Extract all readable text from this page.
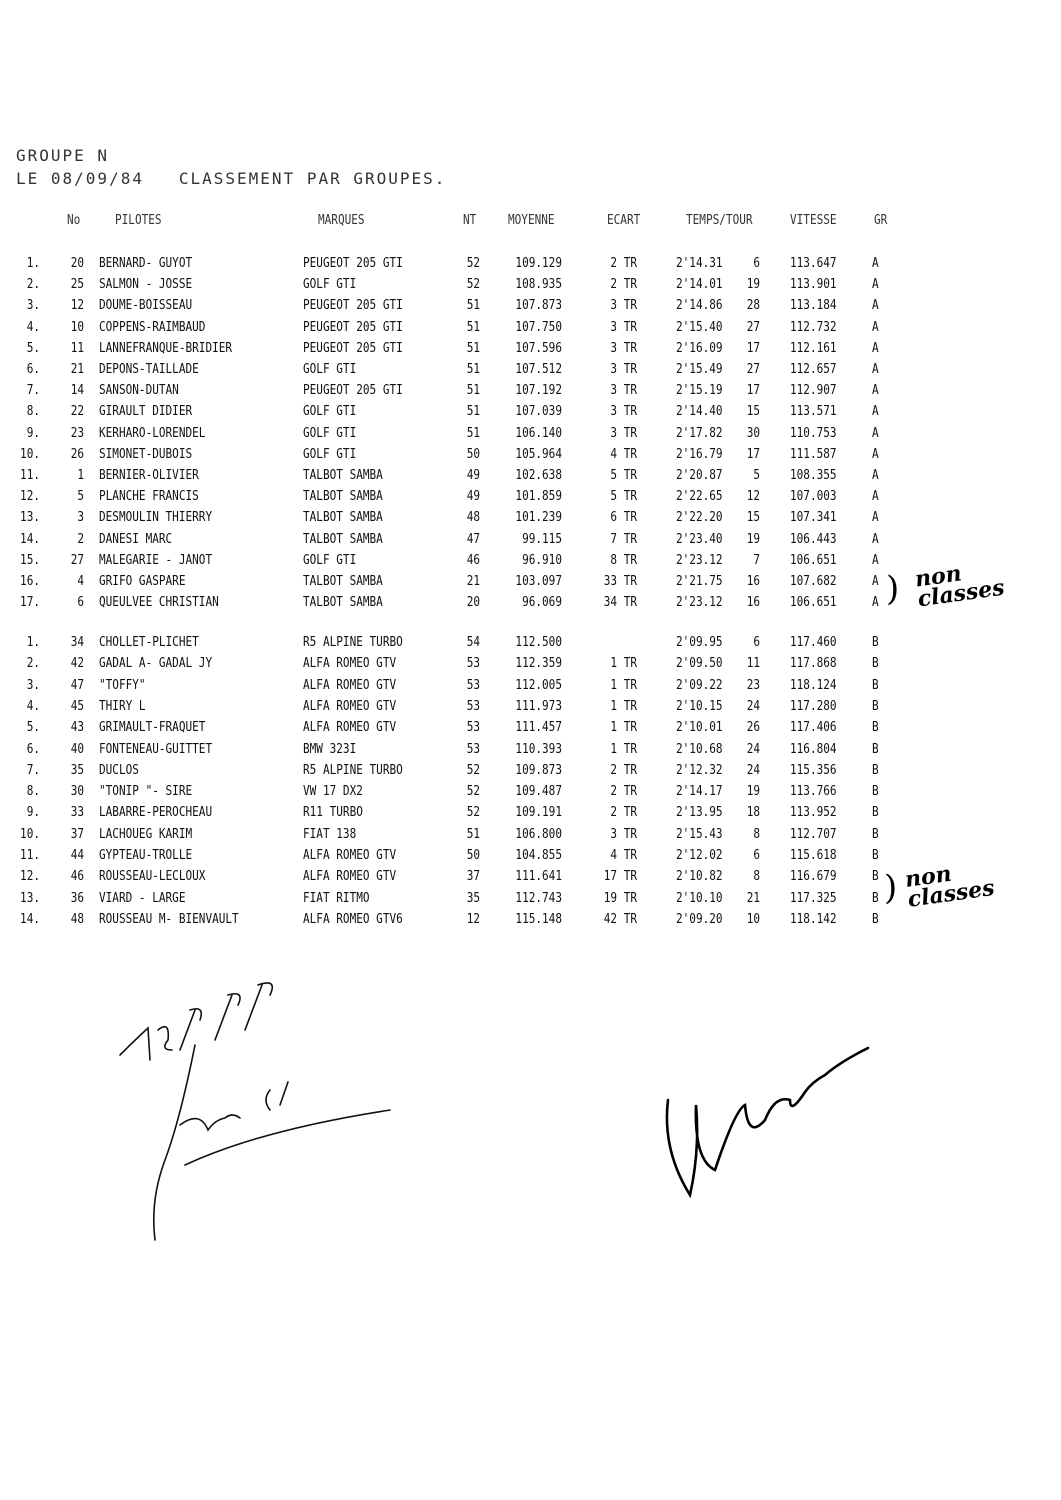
GROUPE N
LE 08/09/84   CLASSEMENT PAR GROUPES.
No	PILOTES	MARQUES	NT MOYENNE	ECART	TEMPS/TOUR	VITESSE	GR
1.	20 BERNARD- GUYOT	PEUGEOT 205 GTI	52	109.129	2 TR	2'14.31	6 113.647	A
2.	25 SALMON - JOSSE	GOLF GTI	52	108.935	2 TR	2'14.01	19 113.901	A
3.	12 DOUME-BOISSEAU	PEUGEOT 205 GTI	51	107.873	3 TR	2'14.86	28 113.184	A
4.	10 COPPENS-RAIMBAUD	PEUGEOT 205 GTI	51	107.750	3 TR	2'15.40	27 112.732	A
5.	11 LANNEFRANQUE-BRIDIER	PEUGEOT 205 GTI	51	107.596	3 TR	2'16.09	17 112.161	A
6.	21 DEPONS-TAILLADE	GOLF GTI	51	107.512	3 TR	2'15.49	27 112.657	A
7.	14 SANSON-DUTAN	PEUGEOT 205 GTI	51	107.192	3 TR	2'15.19	17 112.907	A
8.	22 GIRAULT DIDIER	GOLF GTI	51	107.039	3 TR	2'14.40	15 113.571	A
9.	23 KERHARO-LORENDEL	GOLF GTI	51	106.140	3 TR	2'17.82	30 110.753	A
10.	26 SIMONET-DUBOIS	GOLF GTI	50	105.964	4 TR	2'16.79	17 111.587	A
11.	1 BERNIER-OLIVIER	TALBOT SAMBA	49	102.638	5 TR	2'20.87	5 108.355	A
12.	5 PLANCHE FRANCIS	TALBOT SAMBA	49	101.859	5 TR	2'22.65	12 107.003	A
13.	3 DESMOULIN THIERRY	TALBOT SAMBA	48	101.239	6 TR	2'22.20	15 107.341	A
14.	2 DANESI MARC	TALBOT SAMBA	47	99.115	7 TR	2'23.40	19 106.443	A
15.	27 MALEGARIE - JANOT	GOLF GTI	46	96.910	8 TR	2'23.12	7 106.651	A
16.	4 GRIFO GASPARE	TALBOT SAMBA	21	103.097	33 TR	2'21.75	16 107.682	A
17.	6 QUEULVEE CHRISTIAN	TALBOT SAMBA	20	96.069	34 TR	2'23.12	16 106.651	A
1.	34 CHOLLET-PLICHET	R5 ALPINE TURBO	54	112.500	2'09.95	6 117.460	B
2.	42 GADAL A- GADAL JY	ALFA ROMEO GTV	53	112.359	1 TR	2'09.50	11 117.868	B
3.	47 "TOFFY"	ALFA ROMEO GTV	53	112.005	1 TR	2'09.22	23 118.124	B
4.	45 THIRY L	ALFA ROMEO GTV	53	111.973	1 TR	2'10.15	24 117.280	B
5.	43 GRIMAULT-FRAQUET	ALFA ROMEO GTV	53	111.457	1 TR	2'10.01	26 117.406	B
6.	40 FONTENEAU-GUITTET	BMW 323I	53	110.393	1 TR	2'10.68	24 116.804	B
7.	35 DUCLOS	R5 ALPINE TURBO	52	109.873	2 TR	2'12.32	24 115.356	B
8.	30 "TONIP "- SIRE	VW 17 DX2	52	109.487	2 TR	2'14.17	19 113.766	B
9.	33 LABARRE-PEROCHEAU	R11 TURBO	52	109.191	2 TR	2'13.95	18 113.952	B
10.	37 LACHOUEG KARIM	FIAT 138	51	106.800	3 TR	2'15.43	8 112.707	B
11.	44 GYPTEAU-TROLLE	ALFA ROMEO GTV	50	104.855	4 TR	2'12.02	6 115.618	B
12.	46 ROUSSEAU-LECLOUX	ALFA ROMEO GTV	37	111.641	17 TR	2'10.82	8 116.679	B
13.	36 VIARD - LARGE	FIAT RITMO	35	112.743	19 TR	2'10.10	21 117.325	B
14.	48 ROUSSEAU M- BIENVAULT	ALFA ROMEO GTV6	12	115.148	42 TR	2'09.20	10 118.142	B
) non classes
) non classes
